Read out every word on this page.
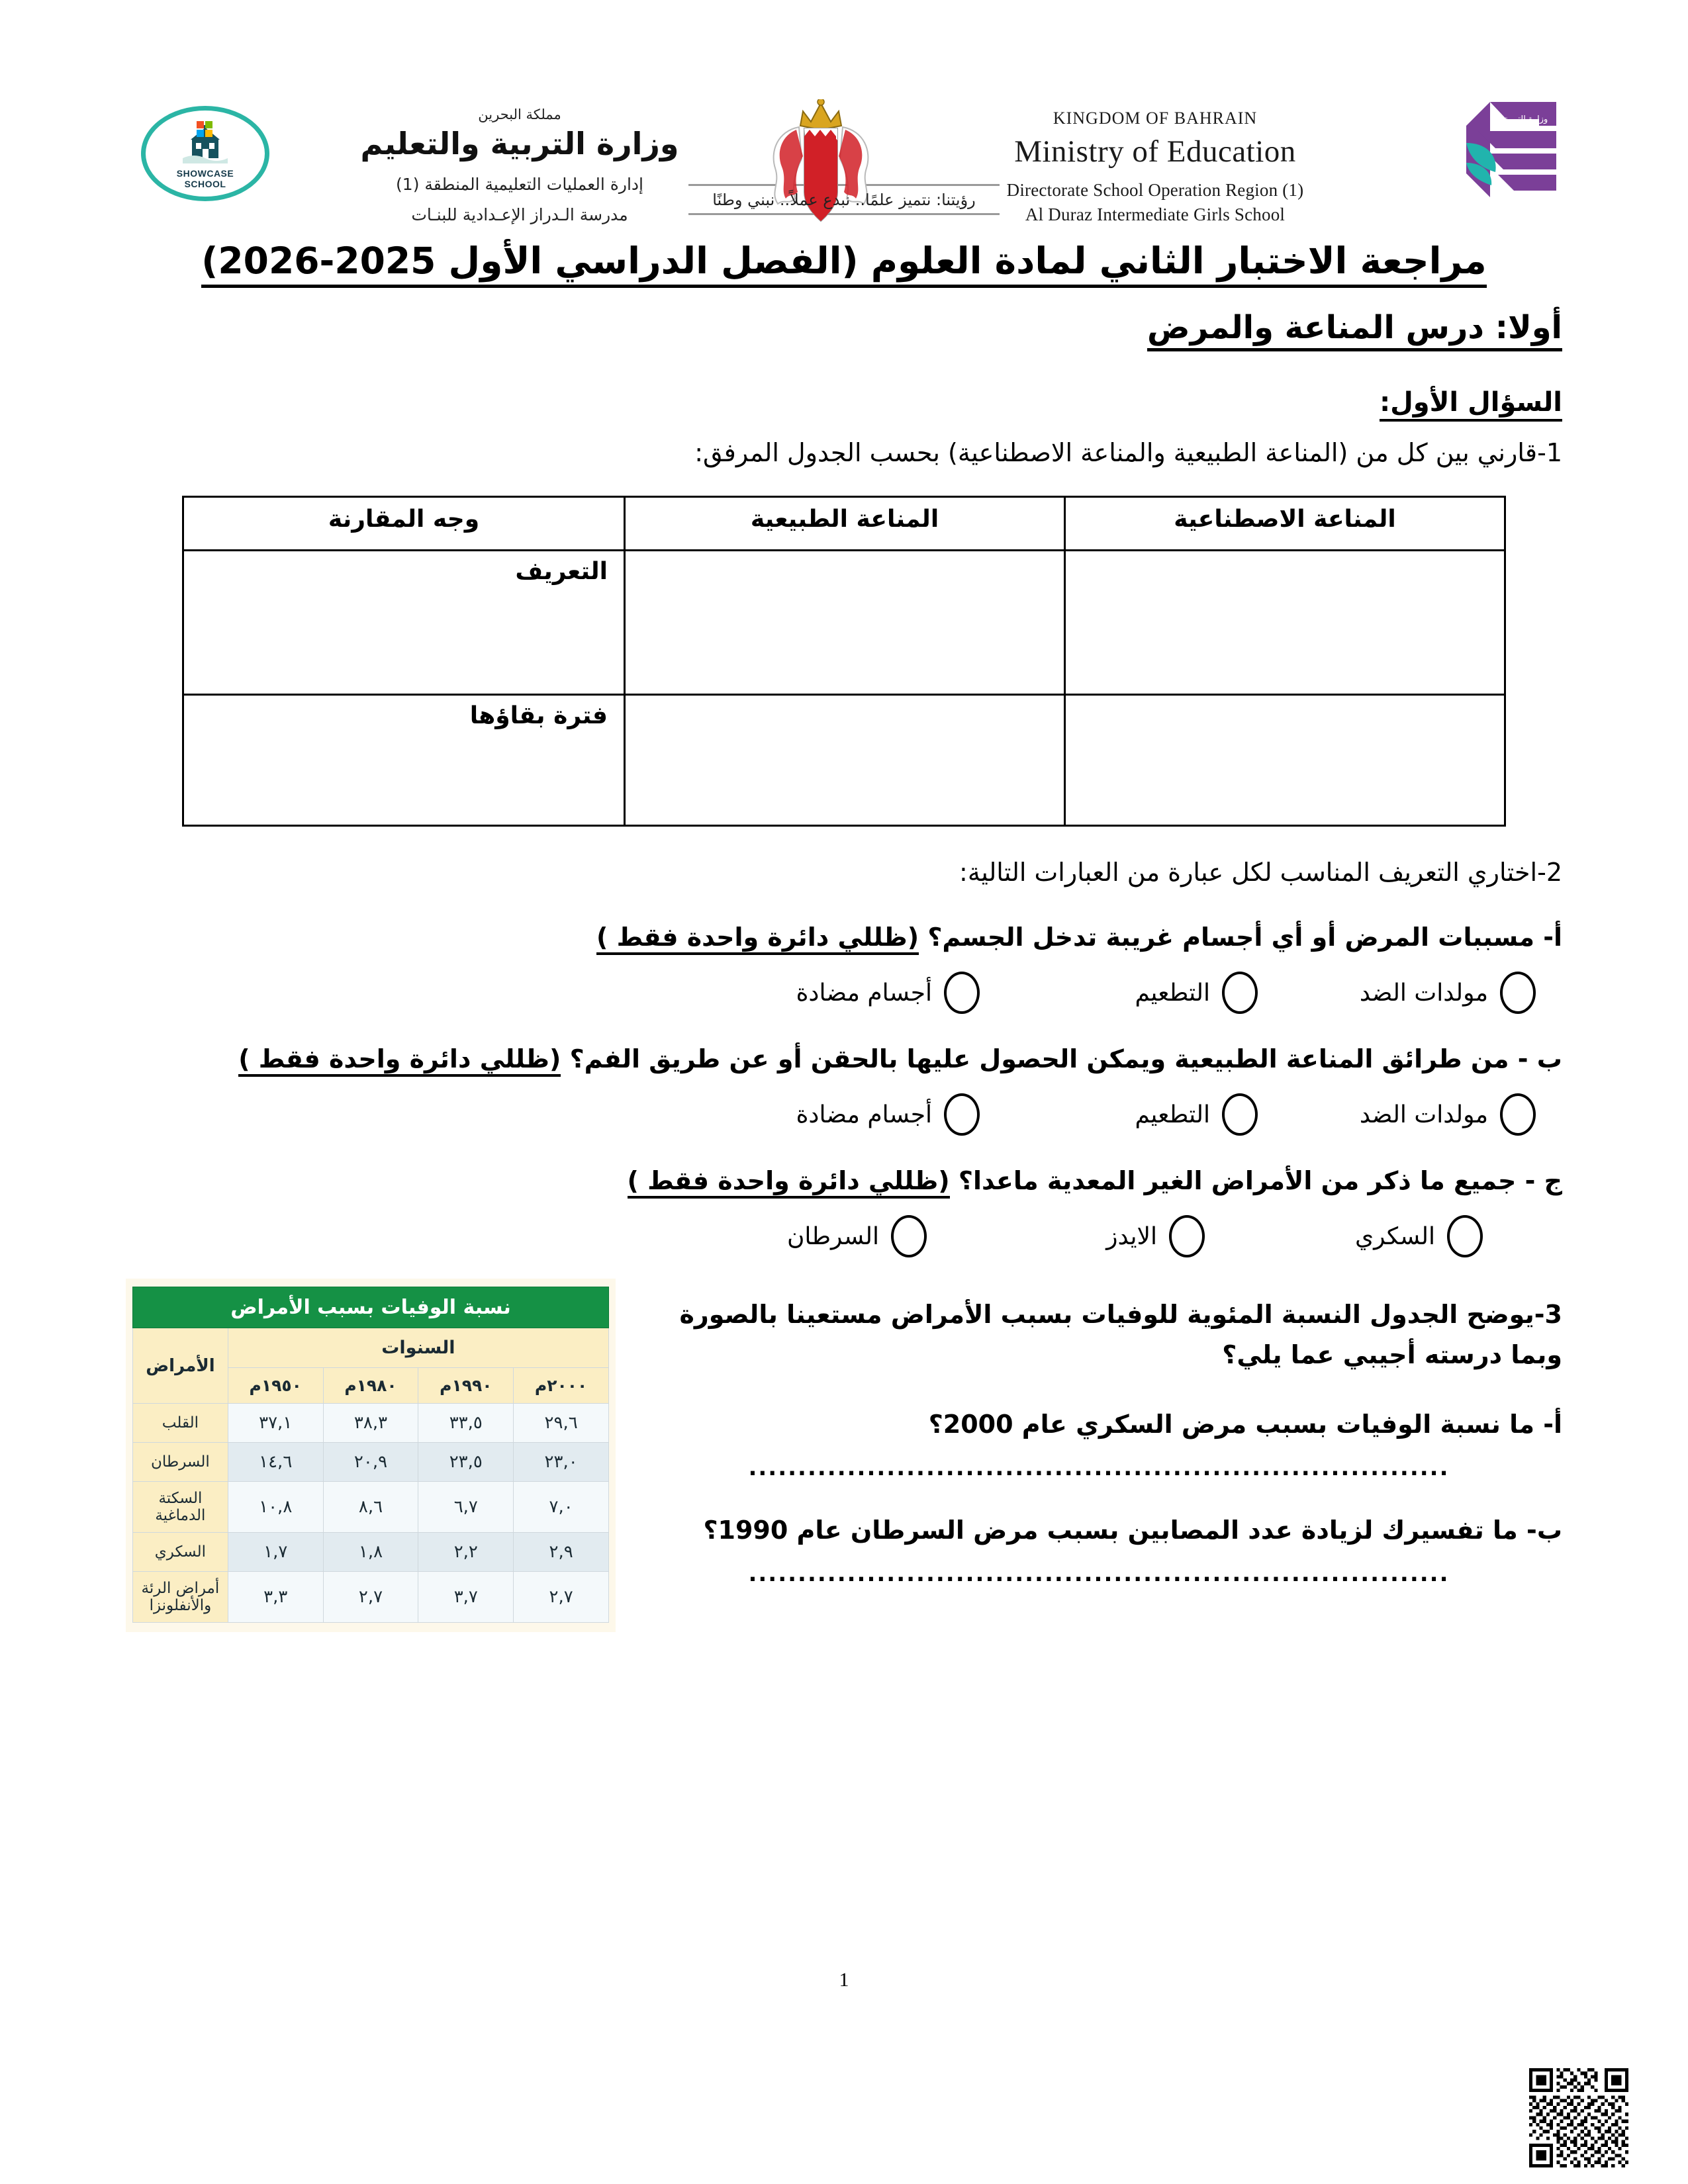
SHOWCASE
SCHOOL
مملكة البحرين
وزارة التربية والتعليم
إدارة العمليات التعليمية المنطقة (1)
مدرسة الـدراز الإعـدادية للبنـات
KINGDOM OF BAHRAIN
Ministry of Education
Directorate School Operation Region (1)
Al Duraz Intermediate Girls School
وزارة التربية
رؤيتنا: نتميز علمًا.. نبدع عملاً.. نبني وطنًا
مراجعة الاختبار الثاني لمادة العلوم (الفصل الدراسي الأول 2025-2026)
أولا: درس المناعة والمرض
السؤال الأول:
1-قارني بين كل من (المناعة الطبيعية والمناعة الاصطناعية) بحسب الجدول المرفق:
المناعة الاصطناعية	المناعة الطبيعية	وجه المقارنة
		التعريف
		فترة بقاؤها
2-اختاري التعريف المناسب لكل عبارة من العبارات التالية:
أ- مسببات المرض أو أي أجسام غريبة تدخل الجسم؟ (ظللي دائرة واحدة فقط )
مولدات الضد
التطعيم
أجسام مضادة
ب - من طرائق المناعة الطبيعية ويمكن الحصول عليها بالحقن أو عن طريق الفم؟ (ظللي دائرة واحدة فقط )
مولدات الضد
التطعيم
أجسام مضادة
ج - جميع ما ذكر من الأمراض الغير المعدية ماعدا؟ (ظللي دائرة واحدة فقط )
السكري
الايدز
السرطان
3-يوضح الجدول النسبة المئوية للوفيات بسبب الأمراض مستعينا بالصورة
وبما درسته أجيبي عما يلي؟
أ- ما نسبة الوفيات بسبب مرض السكري عام 2000؟
.......................................................................
ب- ما تفسيرك لزيادة عدد المصابين بسبب مرض السرطان عام 1990؟
.......................................................................
نسبة الوفيات بسبب الأمراض				
السنوات				الأمراض
٢٠٠٠م	١٩٩٠م	١٩٨٠م	١٩٥٠م	
٢٩,٦	٣٣,٥	٣٨,٣	٣٧,١	القلب
٢٣,٠	٢٣,٥	٢٠,٩	١٤,٦	السرطان
٧,٠	٦,٧	٨,٦	١٠,٨	السكتة الدماغية
٢,٩	٢,٢	١,٨	١,٧	السكري
٢,٧	٣,٧	٢,٧	٣,٣	أمراض الرئة والأنفلونزا
1
